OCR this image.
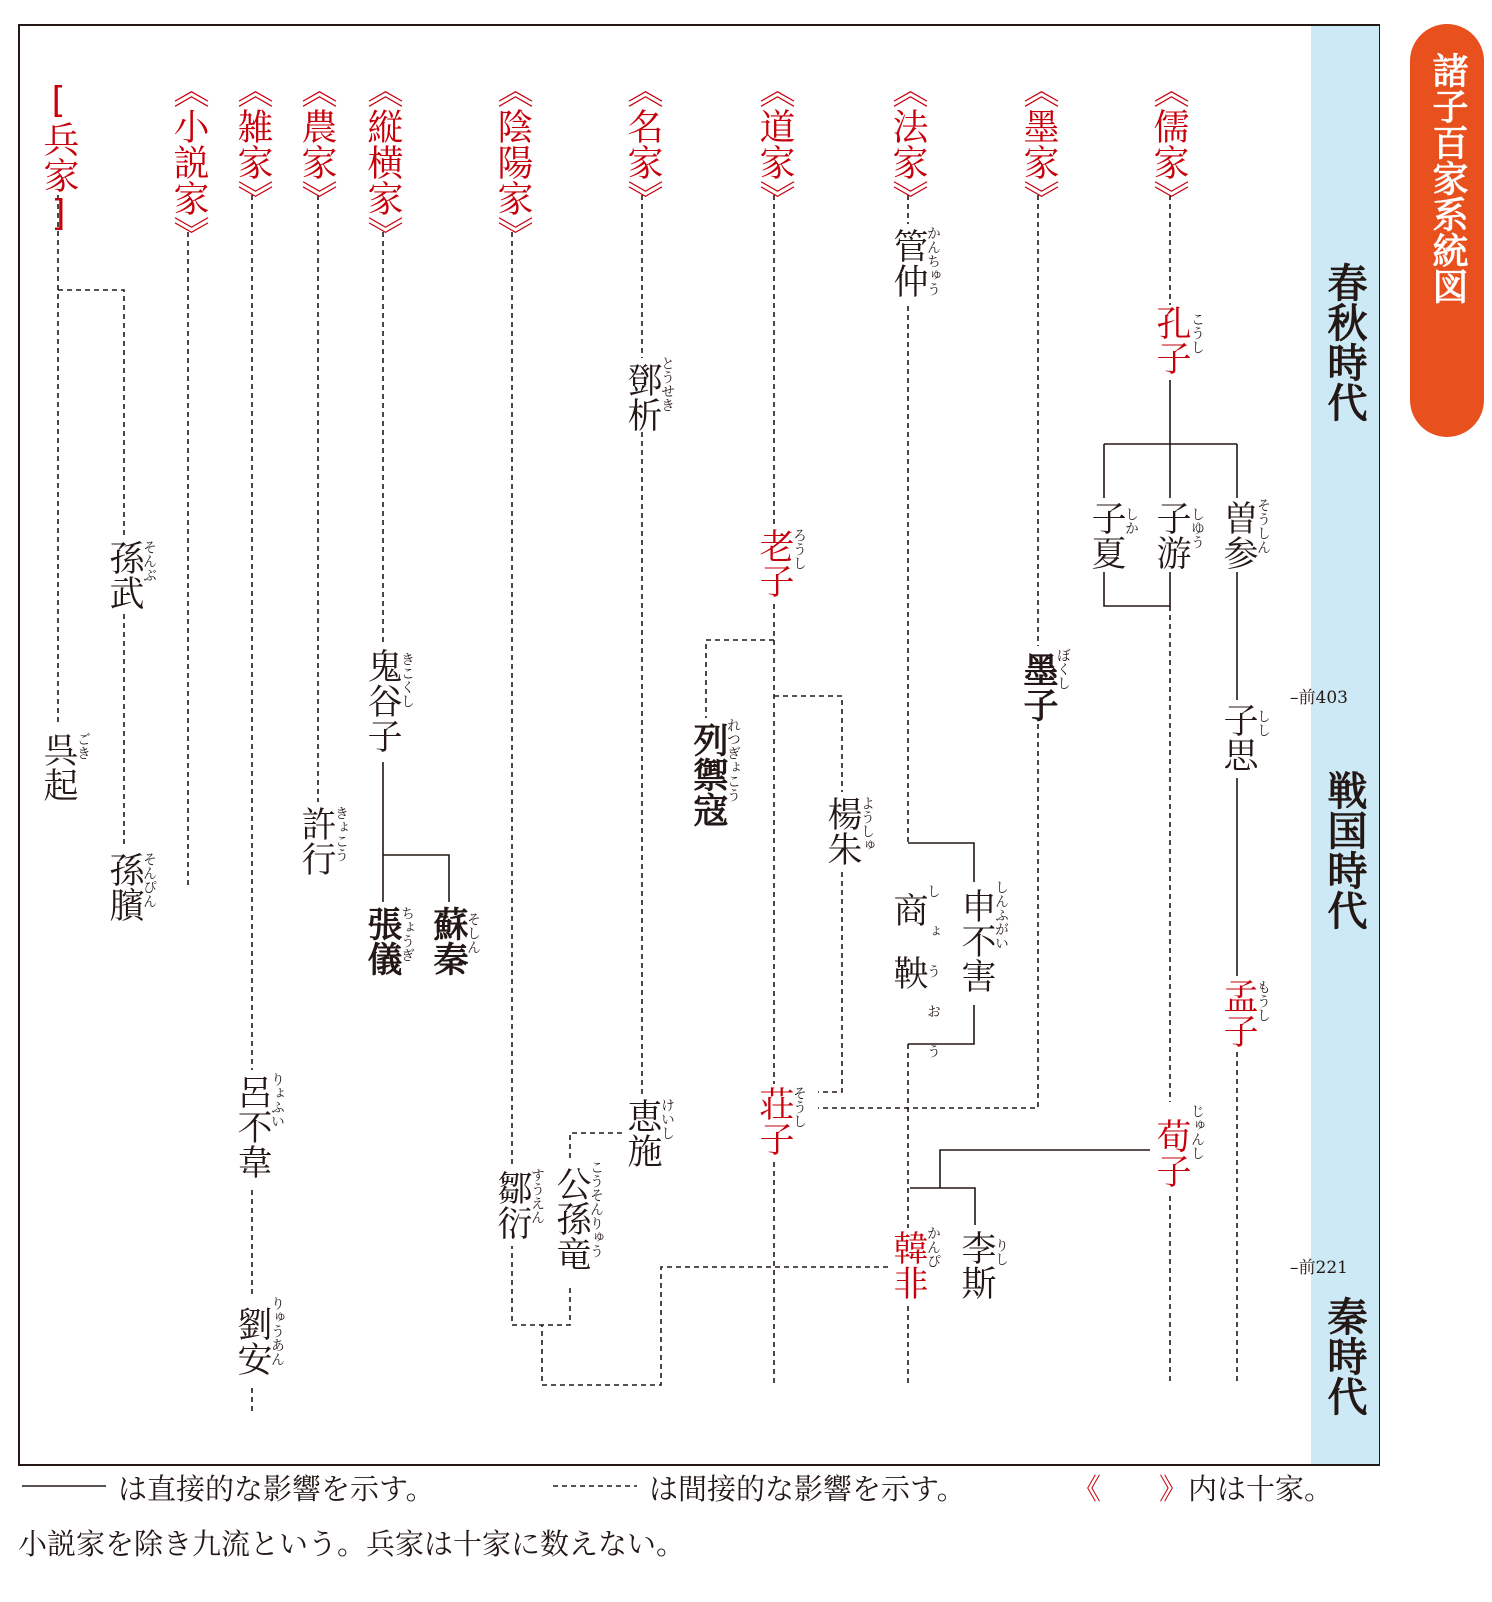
《儒家》
《墨家》
《法家》
《道家》
《名家》
《陰陽家》
《縦横家》
《農家》
《雑家》
《小説家》
[兵家]
孔子
こうし
子夏
しか 子游
しゆう 曽参
そうしん
子思
しし
孟子
もうし
荀子
じゅんし
墨子
ぼくし
管仲
かんちゅう
商鞅
しょうおう 申不害
しんふがい
韓非
かんぴ 李斯
りし
老子
ろうし
列禦寇
れつぎょこう
楊朱
ようしゅ
荘子
そうし
鄧析
とうせき
恵施
けいし
公孫竜
こうそんりゅう
鄒衍
すうえん
鬼谷子
きこくし
張儀
ちょうぎ 蘇秦
そしん
許行
きょこう
呂不韋
りょふい
劉安
りゅうあん
孫武
そんぶ
呉起
ごき
孫臏
そんぴん
春秋時代
戦国時代
秦時代
–前403
–前221
諸子百家系統図
は直接的な影響を示す。	は間接的な影響を示す。	《 》内は十家。
小説家を除き九流という。兵家は十家に数えない。
